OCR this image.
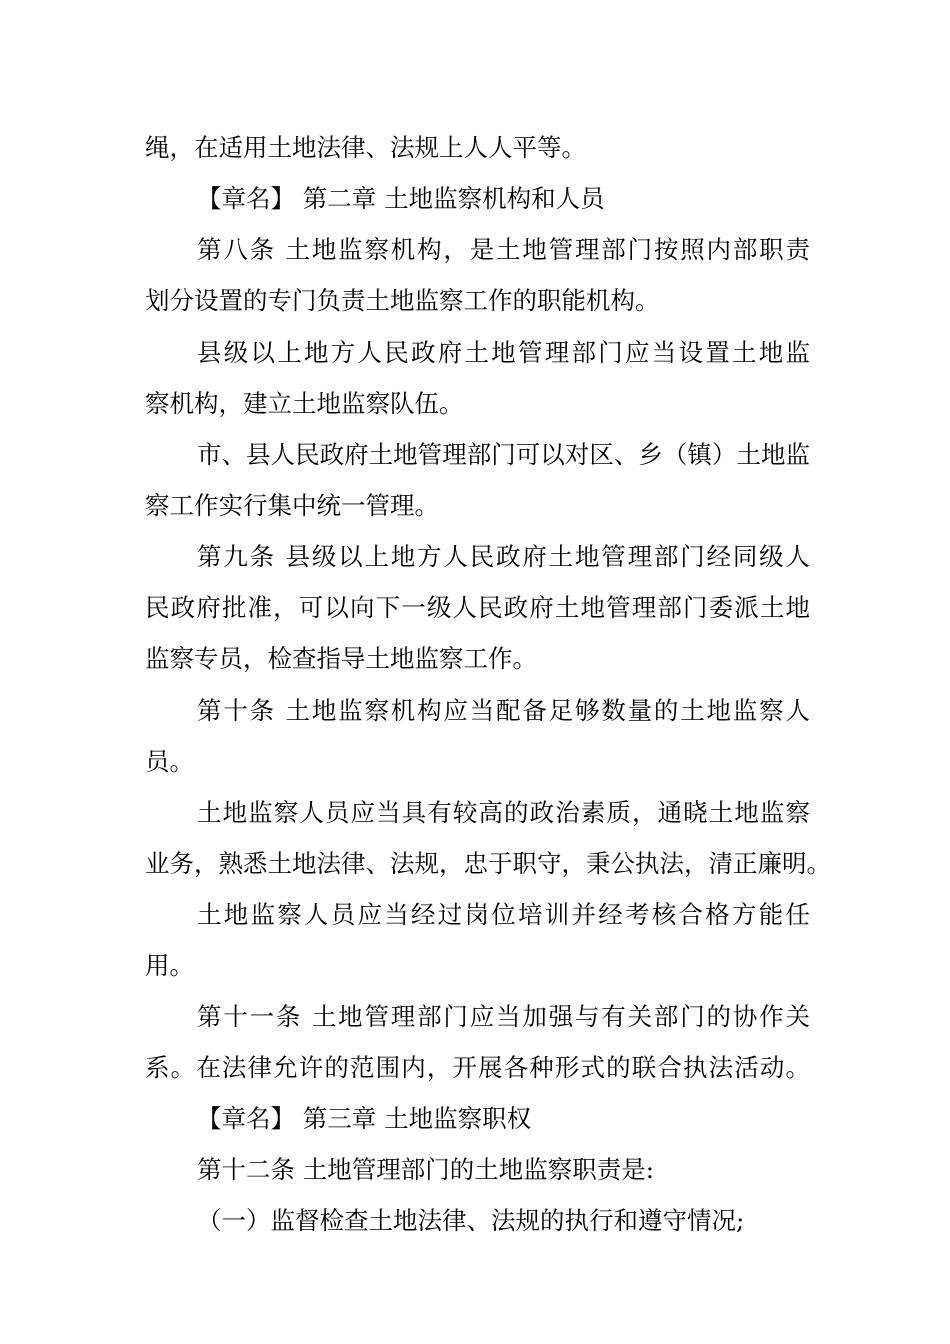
绳，在适用土地法律、法规上人人平等。
【章名】 第二章 土地监察机构和人员
第八条 土地监察机构，是土地管理部门按照内部职责
划分设置的专门负责土地监察工作的职能机构。
县级以上地方人民政府土地管理部门应当设置土地监
察机构，建立土地监察队伍。
市、县人民政府土地管理部门可以对区、乡（镇）土地监
察工作实行集中统一管理。
第九条 县级以上地方人民政府土地管理部门经同级人
民政府批准，可以向下一级人民政府土地管理部门委派土地
监察专员，检查指导土地监察工作。
第十条 土地监察机构应当配备足够数量的土地监察人
员。
土地监察人员应当具有较高的政治素质，通晓土地监察
业务，熟悉土地法律、法规，忠于职守，秉公执法，清正廉明。
土地监察人员应当经过岗位培训并经考核合格方能任
用。
第十一条 土地管理部门应当加强与有关部门的协作关
系。在法律允许的范围内，开展各种形式的联合执法活动。
【章名】 第三章 土地监察职权
第十二条 土地管理部门的土地监察职责是:
（一）监督检查土地法律、法规的执行和遵守情况;
